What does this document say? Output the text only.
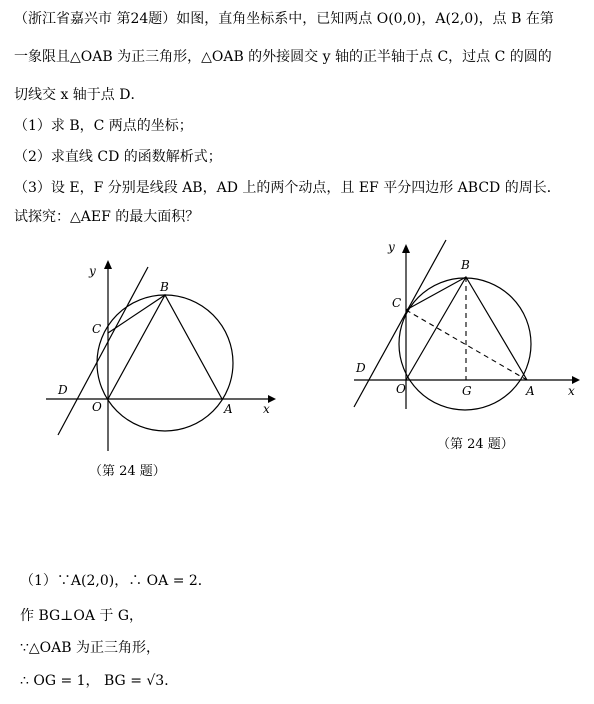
（浙江省嘉兴市 第24题）如图，直角坐标系中，已知两点 O(0,0)，A(2,0)，点 B 在第
一象限且△OAB 为正三角形，△OAB 的外接圆交 y 轴的正半轴于点 C，过点 C 的圆的
切线交 x 轴于点 D．
（1）求 B，C 两点的坐标；
（2）求直线 CD 的函数解析式；
（3）设 E，F 分别是线段 AB，AD 上的两个动点，且 EF 平分四边形 ABCD 的周长．
试探究：△AEF 的最大面积？
y
x
B
C
D
O	A
（第 24 题）
y
x
B
C
D
O	A
G
（第 24 题）
（1）∵A(2,0)，∴ OA = 2．
作 BG⊥OA 于 G，
∵△OAB 为正三角形，
∴ OG = 1， BG = √3．
